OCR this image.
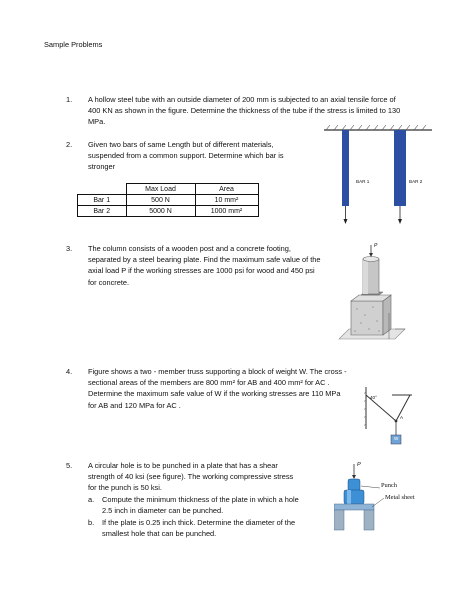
Sample Problems
1. A hollow steel tube with an outside diameter of 200 mm is subjected to an axial tensile force of
400 KN as shown in the figure. Determine the thickness of the tube if the stress is limited to 130
MPa.
2. Given two bars of same Length but of different materials,
suspended from a common support. Determine which bar is
stronger
	Max Load	Area
Bar 1	500 N	10 mm²
Bar 2	5000 N	1000 mm²
BAR 1	BAR 2
3. The column consists of a wooden post and a concrete footing,
separated by a steel bearing plate. Find the maximum safe value of the
axial load P if the working stresses are 1000 psi for wood and 450 psi
for concrete.
P
4. Figure shows a two - member truss supporting a block of weight W. The cross -
sectional areas of the members are 800 mm² for AB and 400 mm² for AC .
Determine the maximum safe value of W if the working stresses are 110 MPa
for AB and 120 MPa for AC .
40°
A
W
5. A circular hole is to be punched in a plate that has a shear
strength of 40 ksi (see figure). The working compressive stress
for the punch is 50 ksi.
a. Compute the minimum thickness of the plate in which a hole
2.5 inch in diameter can be punched.
b. If the plate is 0.25 inch thick. Determine the diameter of the
smallest hole that can be punched.
P
Punch
Metal sheet
